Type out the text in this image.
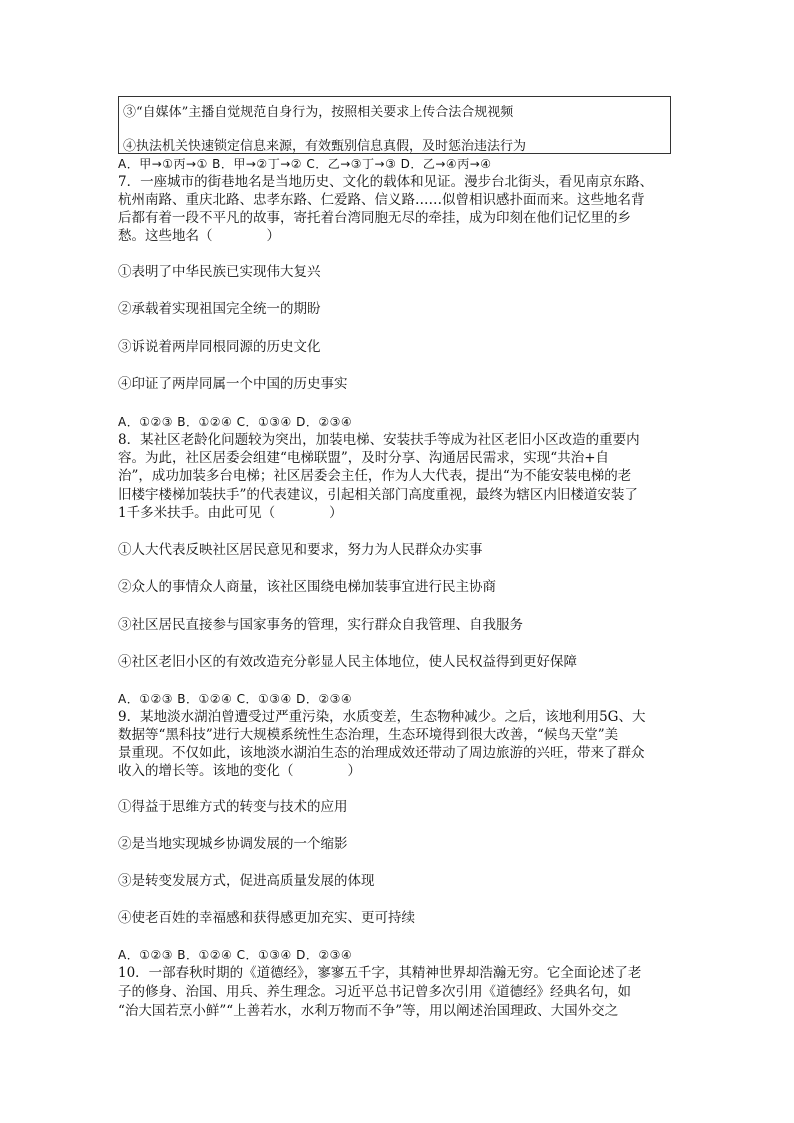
③“自媒体”主播自觉规范自身行为，按照相关要求上传合法合规视频
④执法机关快速锁定信息来源，有效甄别信息真假，及时惩治违法行为
A．甲→①丙→① B．甲→②丁→② C．乙→③丁→③ D．乙→④丙→④
7．一座城市的街巷地名是当地历史、文化的载体和见证。漫步台北街头，看见南京东路、
杭州南路、重庆北路、忠孝东路、仁爱路、信义路……似曾相识感扑面而来。这些地名背
后都有着一段不平凡的故事，寄托着台湾同胞无尽的牵挂，成为印刻在他们记忆里的乡
愁。这些地名（　　　　）
①表明了中华民族已实现伟大复兴
②承载着实现祖国完全统一的期盼
③诉说着两岸同根同源的历史文化
④印证了两岸同属一个中国的历史事实
A．①②③ B．①②④ C．①③④ D．②③④
8．某社区老龄化问题较为突出，加装电梯、安装扶手等成为社区老旧小区改造的重要内
容。为此，社区居委会组建“电梯联盟”，及时分享、沟通居民需求，实现“共治+自
治”，成功加装多台电梯；社区居委会主任，作为人大代表，提出“为不能安装电梯的老
旧楼宇楼梯加装扶手”的代表建议，引起相关部门高度重视，最终为辖区内旧楼道安装了
1千多米扶手。由此可见（　　　　）
①人大代表反映社区居民意见和要求，努力为人民群众办实事
②众人的事情众人商量，该社区围绕电梯加装事宜进行民主协商
③社区居民直接参与国家事务的管理，实行群众自我管理、自我服务
④社区老旧小区的有效改造充分彰显人民主体地位，使人民权益得到更好保障
A．①②③ B．①②④ C．①③④ D．②③④
9．某地淡水湖泊曾遭受过严重污染，水质变差，生态物种减少。之后，该地利用5G、大
数据等“黑科技”进行大规模系统性生态治理，生态环境得到很大改善，“候鸟天堂”美
景重现。不仅如此，该地淡水湖泊生态的治理成效还带动了周边旅游的兴旺，带来了群众
收入的增长等。该地的变化（　　　　）
①得益于思维方式的转变与技术的应用
②是当地实现城乡协调发展的一个缩影
③是转变发展方式，促进高质量发展的体现
④使老百姓的幸福感和获得感更加充实、更可持续
A．①②③ B．①②④ C．①③④ D．②③④
10．一部春秋时期的《道德经》，寥寥五千字，其精神世界却浩瀚无穷。它全面论述了老
子的修身、治国、用兵、养生理念。习近平总书记曾多次引用《道德经》经典名句，如
“治大国若烹小鲜”“上善若水，水利万物而不争”等，用以阐述治国理政、大国外交之
